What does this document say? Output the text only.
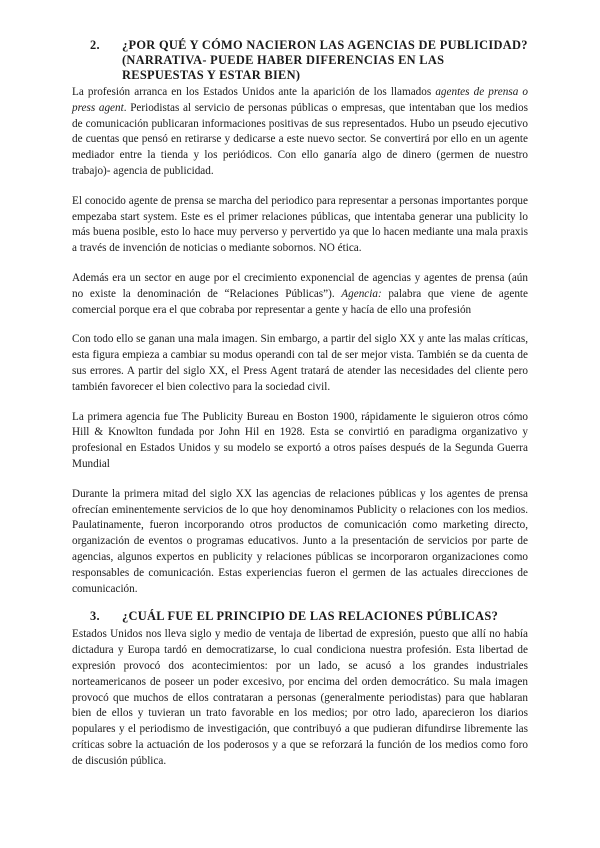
2.	¿POR QUÉ Y CÓMO NACIERON LAS AGENCIAS DE PUBLICIDAD? (NARRATIVA- PUEDE HABER DIFERENCIAS EN LAS RESPUESTAS Y ESTAR BIEN)

La profesión arranca en los Estados Unidos ante la aparición de los llamados agentes de prensa o press agent. Periodistas al servicio de personas públicas o empresas, que intentaban que los medios de comunicación publicaran informaciones positivas de sus representados. Hubo un pseudo ejecutivo de cuentas que pensó en retirarse y dedicarse a este nuevo sector. Se convertirá por ello en un agente mediador entre la tienda y los periódicos. Con ello ganaría algo de dinero (germen de nuestro trabajo)- agencia de publicidad.

El conocido agente de prensa se marcha del periodico para representar a personas importantes porque empezaba start system. Este es el primer relaciones públicas, que intentaba generar una publicity lo más buena posible, esto lo hace muy perverso y pervertido ya que lo hacen mediante una mala praxis a través de invención de noticias o mediante sobornos. NO ética.

Además era un sector en auge por el crecimiento exponencial de agencias y agentes de prensa (aún no existe la denominación de “Relaciones Públicas”). Agencia: palabra que viene de agente comercial porque era el que cobraba por representar a gente y hacía de ello una profesión

Con todo ello se ganan una mala imagen. Sin embargo, a partir del siglo XX y ante las malas críticas, esta figura empieza a cambiar su modus operandi con tal de ser mejor vista. También se da cuenta de sus errores. A partir del siglo XX, el Press Agent tratará de atender las necesidades del cliente pero también favorecer el bien colectivo para la sociedad civil.

La primera agencia fue The Publicity Bureau en Boston 1900, rápidamente le siguieron otros cómo Hill & Knowlton fundada por John Hil en 1928. Esta se convirtió en paradigma organizativo y profesional en Estados Unidos y su modelo se exportó a otros países después de la Segunda Guerra Mundial

Durante la primera mitad del siglo XX las agencias de relaciones públicas y los agentes de prensa ofrecían eminentemente servicios de lo que hoy denominamos Publicity o relaciones con los medios. Paulatinamente, fueron incorporando otros productos de comunicación como marketing directo, organización de eventos o programas educativos. Junto a la presentación de servicios por parte de agencias, algunos expertos en publicity y relaciones públicas se incorporaron organizaciones como responsables de comunicación. Estas experiencias fueron el germen de las actuales direcciones de comunicación.

3.	¿CUÁL FUE EL PRINCIPIO DE LAS RELACIONES PÚBLICAS?

Estados Unidos nos lleva siglo y medio de ventaja de libertad de expresión, puesto que allí no había dictadura y Europa tardó en democratizarse, lo cual condiciona nuestra profesión. Esta libertad de expresión provocó dos acontecimientos: por un lado, se acusó a los grandes industriales norteamericanos de poseer un poder excesivo, por encima del orden democrático. Su mala imagen provocó que muchos de ellos contrataran a personas (generalmente periodistas) para que hablaran bien de ellos y tuvieran un trato favorable en los medios; por otro lado, aparecieron los diarios populares y el periodismo de investigación, que contribuyó a que pudieran difundirse libremente las críticas sobre la actuación de los poderosos y a que se reforzará la función de los medios como foro de discusión pública.
